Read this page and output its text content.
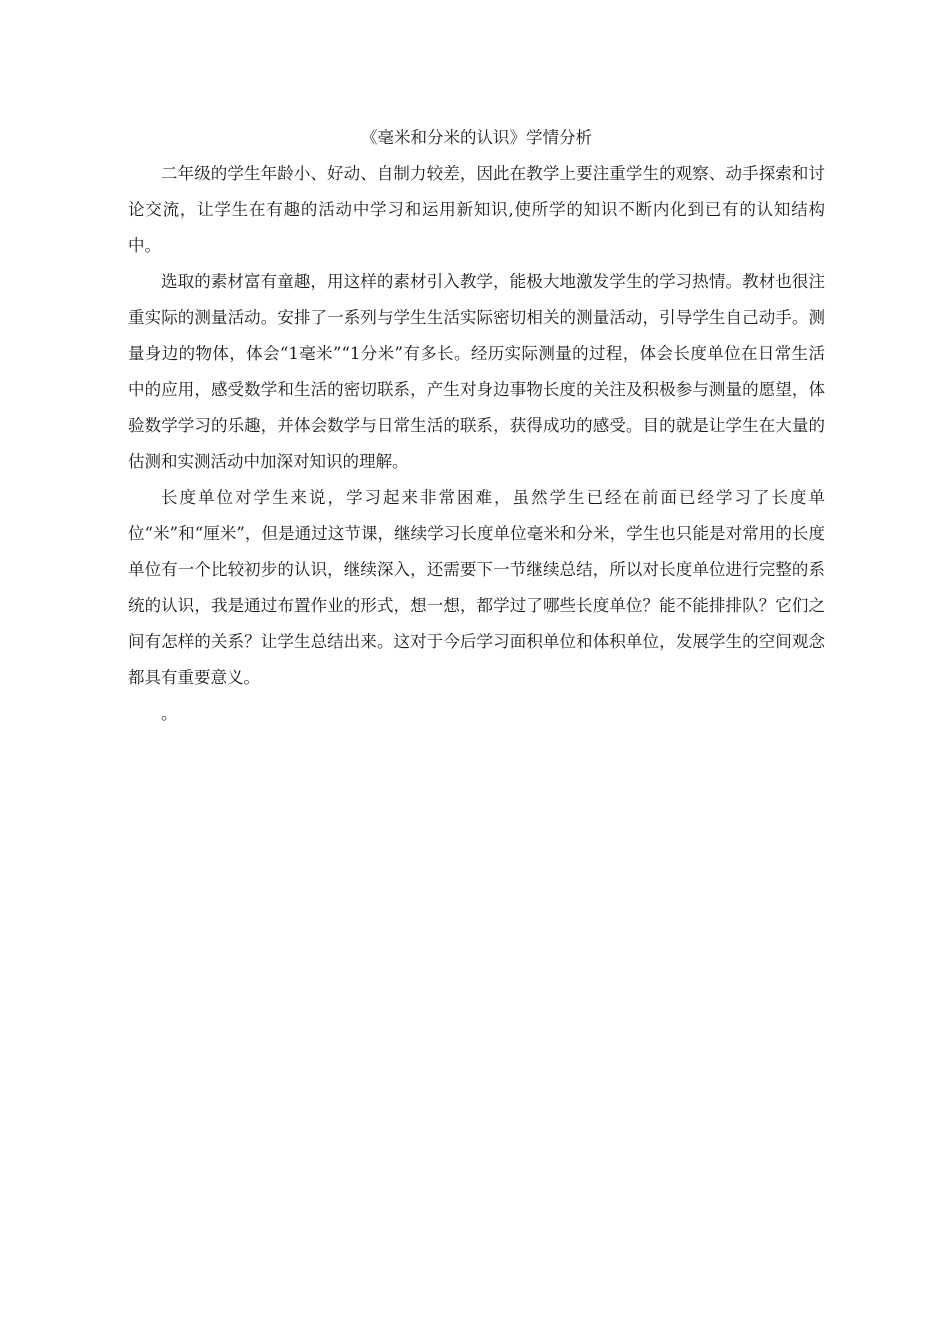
《毫米和分米的认识》学情分析

二年级的学生年龄小、好动、自制力较差，因此在教学上要注重学生的观察、动手探索和讨论交流，让学生在有趣的活动中学习和运用新知识,使所学的知识不断内化到已有的认知结构中。

选取的素材富有童趣，用这样的素材引入教学，能极大地激发学生的学习热情。教材也很注重实际的测量活动。安排了一系列与学生生活实际密切相关的测量活动，引导学生自己动手。测量身边的物体，体会“1毫米”“1分米”有多长。经历实际测量的过程，体会长度单位在日常生活中的应用，感受数学和生活的密切联系，产生对身边事物长度的关注及积极参与测量的愿望，体验数学学习的乐趣，并体会数学与日常生活的联系，获得成功的感受。目的就是让学生在大量的估测和实测活动中加深对知识的理解。

长度单位对学生来说，学习起来非常困难，虽然学生已经在前面已经学习了长度单位“米”和“厘米”，但是通过这节课，继续学习长度单位毫米和分米，学生也只能是对常用的长度单位有一个比较初步的认识，继续深入，还需要下一节继续总结，所以对长度单位进行完整的系统的认识，我是通过布置作业的形式，想一想，都学过了哪些长度单位？能不能排排队？它们之间有怎样的关系？让学生总结出来。这对于今后学习面积单位和体积单位，发展学生的空间观念都具有重要意义。

。
